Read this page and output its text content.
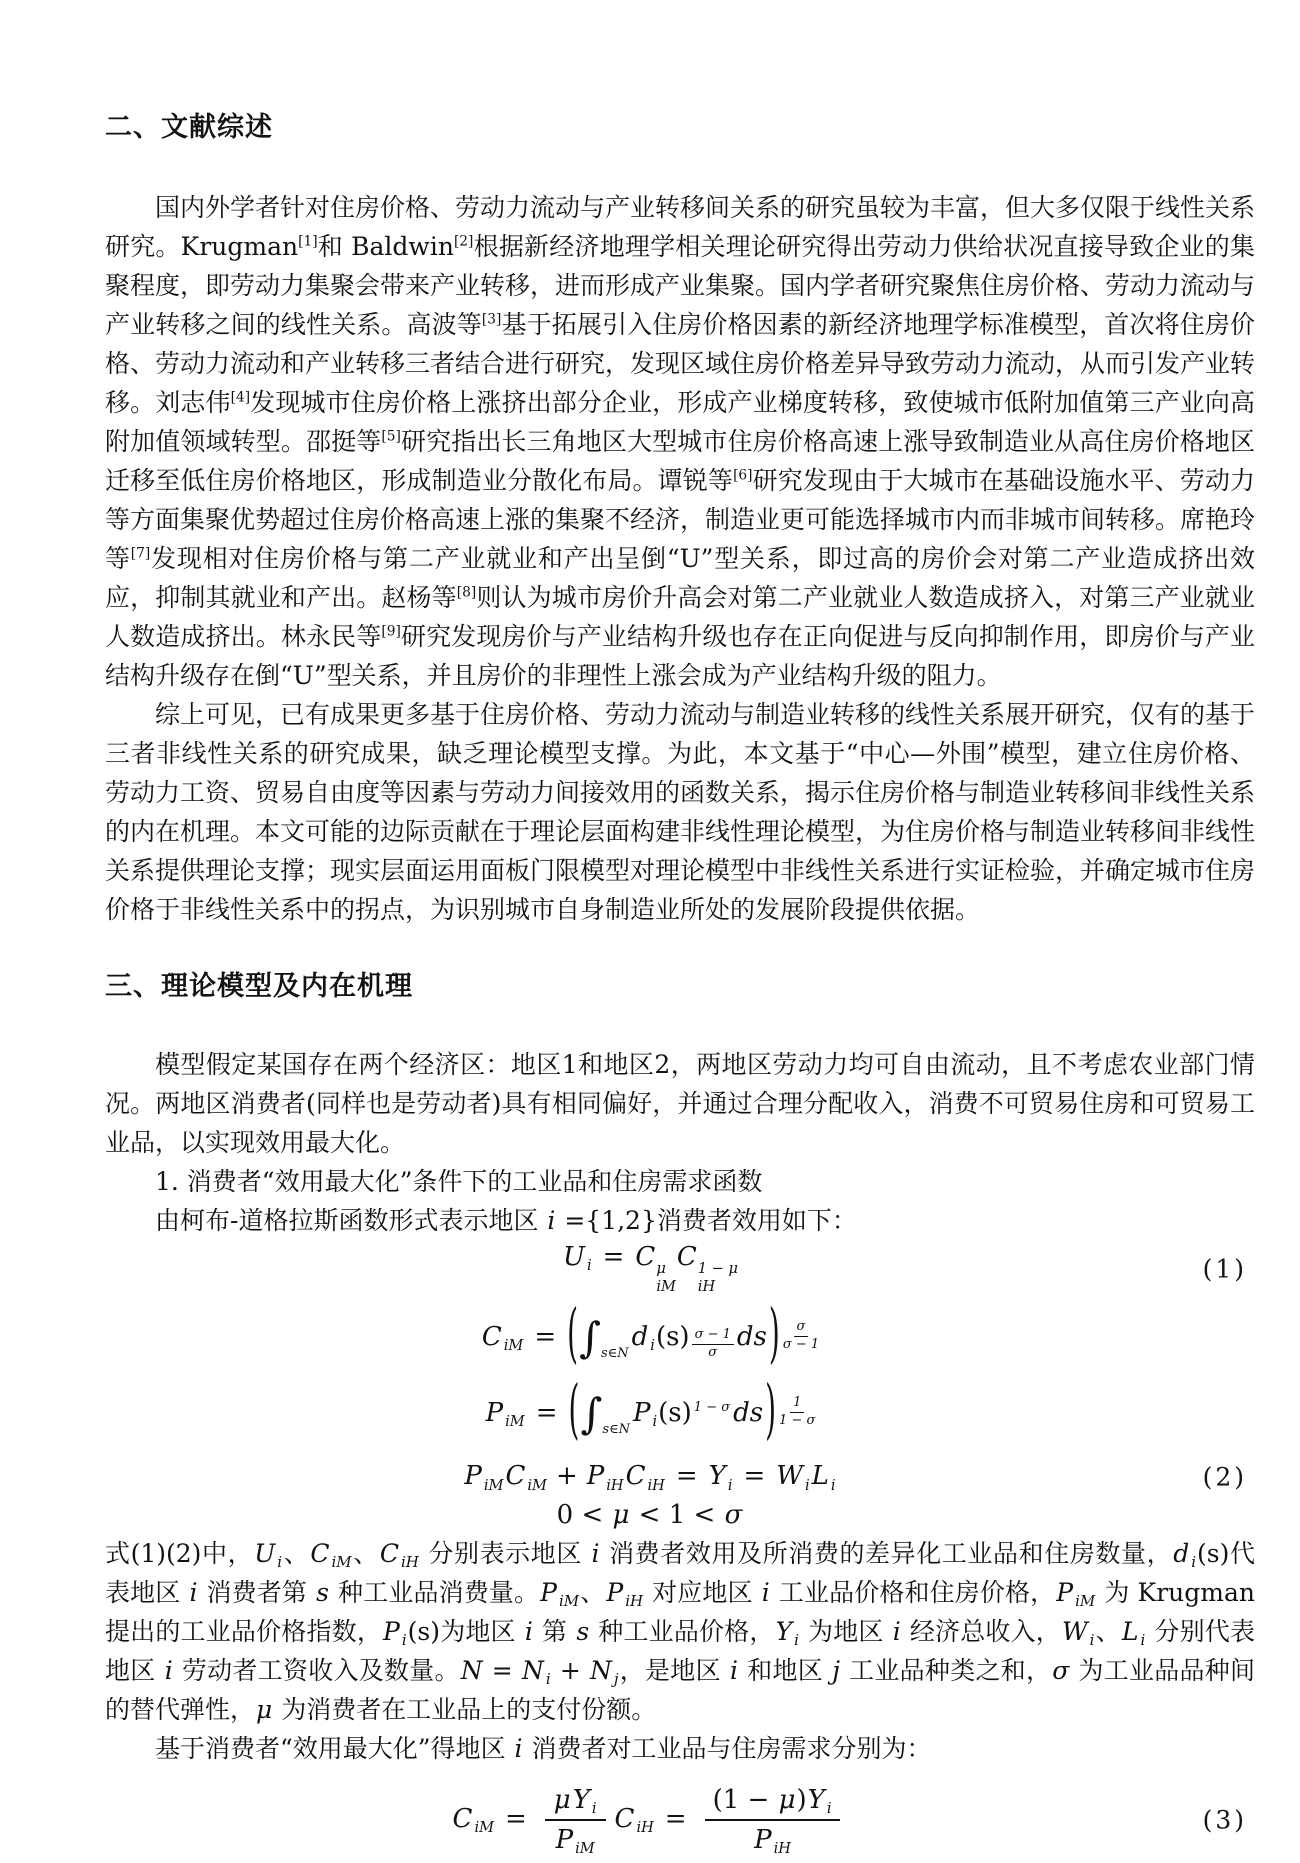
二、文献综述

国内外学者针对住房价格、劳动力流动与产业转移间关系的研究虽较为丰富，但大多仅限于线性关系研究。Krugman[1]和 Baldwin[2]根据新经济地理学相关理论研究得出劳动力供给状况直接导致企业的集聚程度，即劳动力集聚会带来产业转移，进而形成产业集聚。国内学者研究聚焦住房价格、劳动力流动与产业转移之间的线性关系。高波等[3]基于拓展引入住房价格因素的新经济地理学标准模型，首次将住房价格、劳动力流动和产业转移三者结合进行研究，发现区域住房价格差异导致劳动力流动，从而引发产业转移。刘志伟[4]发现城市住房价格上涨挤出部分企业，形成产业梯度转移，致使城市低附加值第三产业向高附加值领域转型。邵挺等[5]研究指出长三角地区大型城市住房价格高速上涨导致制造业从高住房价格地区迁移至低住房价格地区，形成制造业分散化布局。谭锐等[6]研究发现由于大城市在基础设施水平、劳动力等方面集聚优势超过住房价格高速上涨的集聚不经济，制造业更可能选择城市内而非城市间转移。席艳玲等[7]发现相对住房价格与第二产业就业和产出呈倒“U”型关系，即过高的房价会对第二产业造成挤出效应，抑制其就业和产出。赵杨等[8]则认为城市房价升高会对第二产业就业人数造成挤入，对第三产业就业人数造成挤出。林永民等[9]研究发现房价与产业结构升级也存在正向促进与反向抑制作用，即房价与产业结构升级存在倒“U”型关系，并且房价的非理性上涨会成为产业结构升级的阻力。

综上可见，已有成果更多基于住房价格、劳动力流动与制造业转移的线性关系展开研究，仅有的基于三者非线性关系的研究成果，缺乏理论模型支撑。为此，本文基于“中心—外围”模型，建立住房价格、劳动力工资、贸易自由度等因素与劳动力间接效用的函数关系，揭示住房价格与制造业转移间非线性关系的内在机理。本文可能的边际贡献在于理论层面构建非线性理论模型，为住房价格与制造业转移间非线性关系提供理论支撑；现实层面运用面板门限模型对理论模型中非线性关系进行实证检验，并确定城市住房价格于非线性关系中的拐点，为识别城市自身制造业所处的发展阶段提供依据。

三、理论模型及内在机理

模型假定某国存在两个经济区：地区1和地区2，两地区劳动力均可自由流动，且不考虑农业部门情况。两地区消费者(同样也是劳动者)具有相同偏好，并通过合理分配收入，消费不可贸易住房和可贸易工业品，以实现效用最大化。

1. 消费者“效用最大化”条件下的工业品和住房需求函数

由柯布-道格拉斯函数形式表示地区 i ={1,2}消费者效用如下：

U $_i$ = C μ
iM
C 1 − μ
iH
(1)
C $_{iM} = (\int_{s\in N}d$ $_i(s) \frac{\sigma - 1}{\sigma} ds) \frac{\sigma}{\sigma - 1}$
P $_{iM} = (\int_{s\in N}P$ $_i$(s) $^{1 - \sigma}$ $ds) \frac{1}{1 - \sigma}$
P $_{iM}$C $_{iM}$ + P $_{iH}$C $_{iH}$ = Y $_i$ = W $_i$L $_i$	(2)
0 < μ < 1 < σ

式(1)(2)中，U $_i$、C $_{iM}$、C $_{iH}$ 分别表示地区 i 消费者效用及所消费的差异化工业品和住房数量，d $_i$(s)代表地区 i 消费者第 s 种工业品消费量。P $_{iM}$、P $_{iH}$ 对应地区 i 工业品价格和住房价格，P $_{iM}$ 为 Krugman 提出的工业品价格指数，P $_i$(s)为地区 i 第 s 种工业品价格，Y $_i$ 为地区 i 经济总收入，W $_i$、L $_i$ 分别代表地区 i 劳动者工资收入及数量。N = N $_i$ + N $_j$，是地区 i 和地区 j 工业品种类之和，σ 为工业品品种间的替代弹性，μ 为消费者在工业品上的支付份额。

基于消费者“效用最大化”得地区 i 消费者对工业品与住房需求分别为：

C $_{iM} = \frac{\mu Y _i}{P _{iM}}$ C $_{iH} = \frac{(1 - \mu)Y _i}{P _{iH}}$	(3)
